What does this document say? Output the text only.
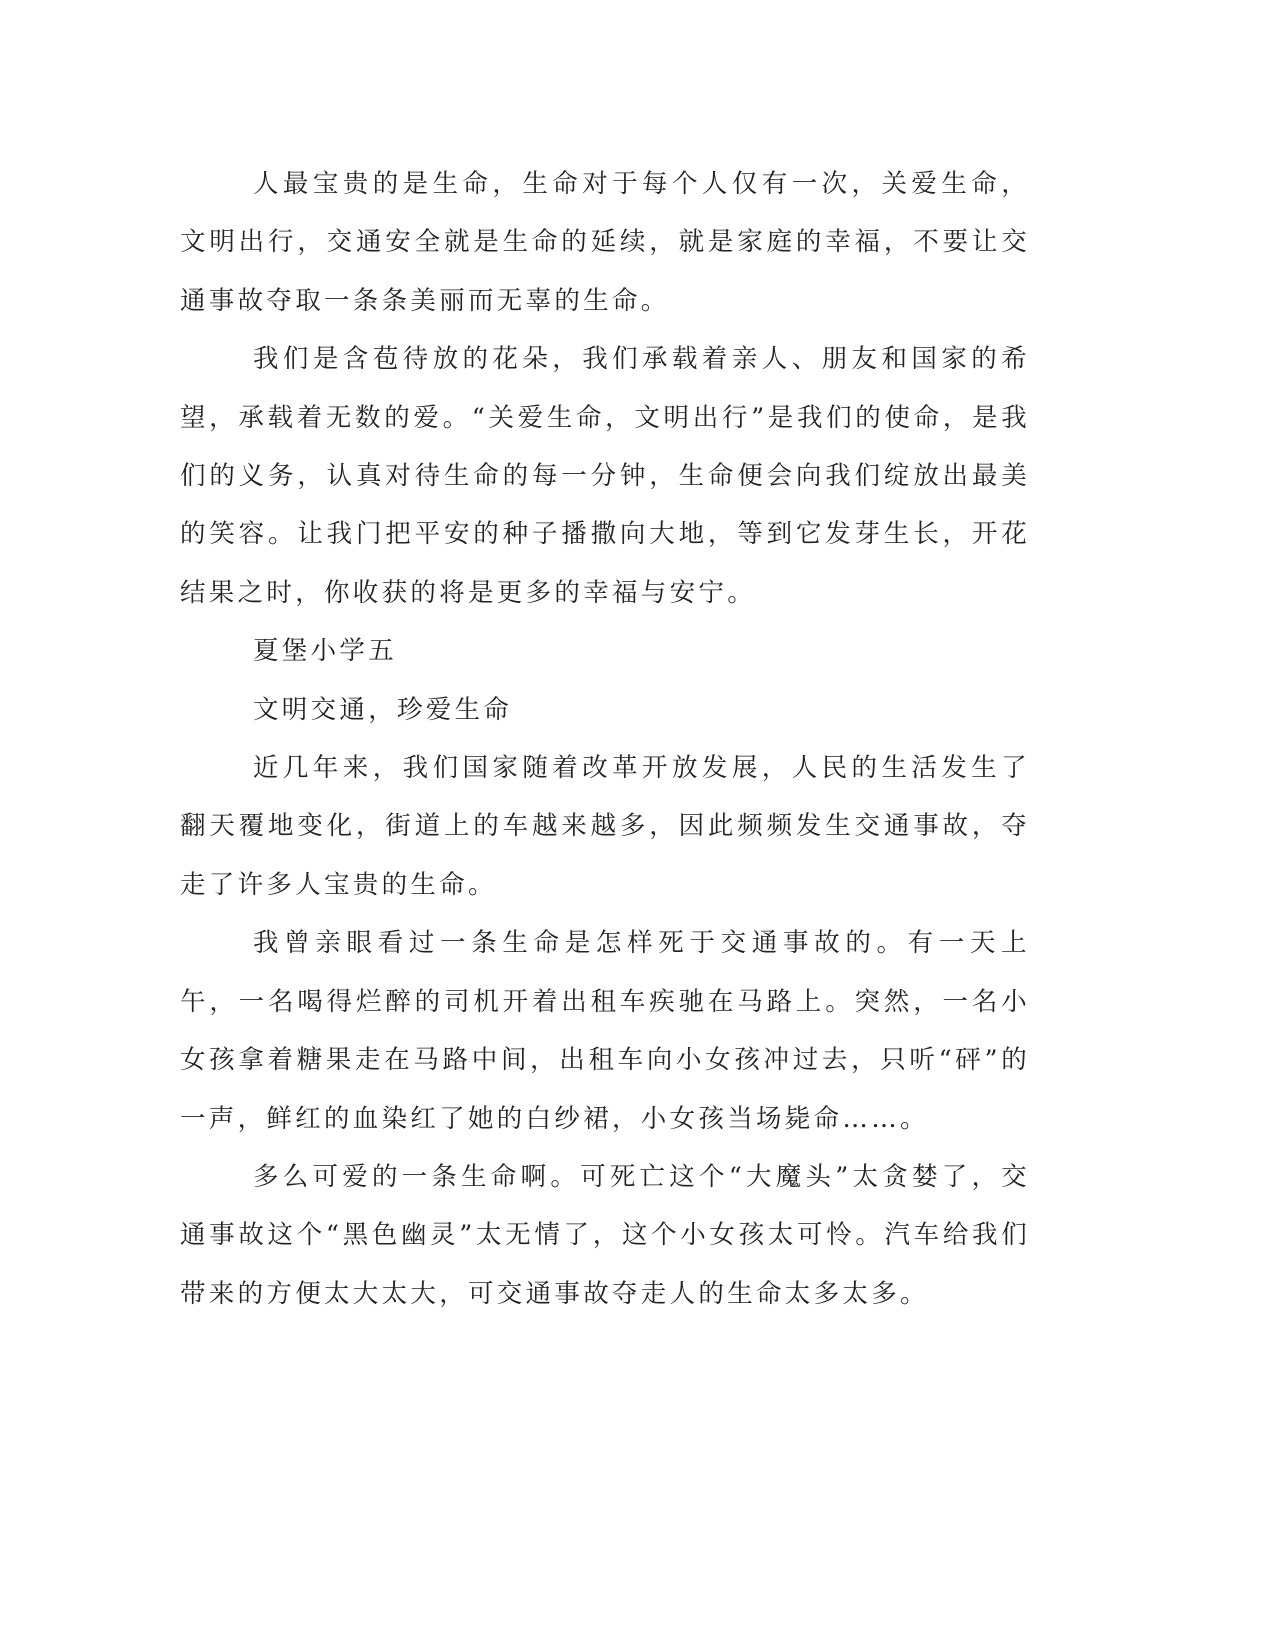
人最宝贵的是生命，生命对于每个人仅有一次，关爱生命，文明出行，交通安全就是生命的延续，就是家庭的幸福，不要让交通事故夺取一条条美丽而无辜的生命。

我们是含苞待放的花朵，我们承载着亲人、朋友和国家的希望，承载着无数的爱。“关爱生命，文明出行”是我们的使命，是我们的义务，认真对待生命的每一分钟，生命便会向我们绽放出最美的笑容。让我门把平安的种子播撒向大地，等到它发芽生长，开花结果之时，你收获的将是更多的幸福与安宁。

夏堡小学五

文明交通，珍爱生命

近几年来，我们国家随着改革开放发展，人民的生活发生了翻天覆地变化，街道上的车越来越多，因此频频发生交通事故，夺走了许多人宝贵的生命。

我曾亲眼看过一条生命是怎样死于交通事故的。有一天上午，一名喝得烂醉的司机开着出租车疾驰在马路上。突然，一名小女孩拿着糖果走在马路中间，出租车向小女孩冲过去，只听“砰”的一声，鲜红的血染红了她的白纱裙，小女孩当场毙命……。

多么可爱的一条生命啊。可死亡这个“大魔头”太贪婪了，交通事故这个“黑色幽灵”太无情了，这个小女孩太可怜。汽车给我们带来的方便太大太大，可交通事故夺走人的生命太多太多。
